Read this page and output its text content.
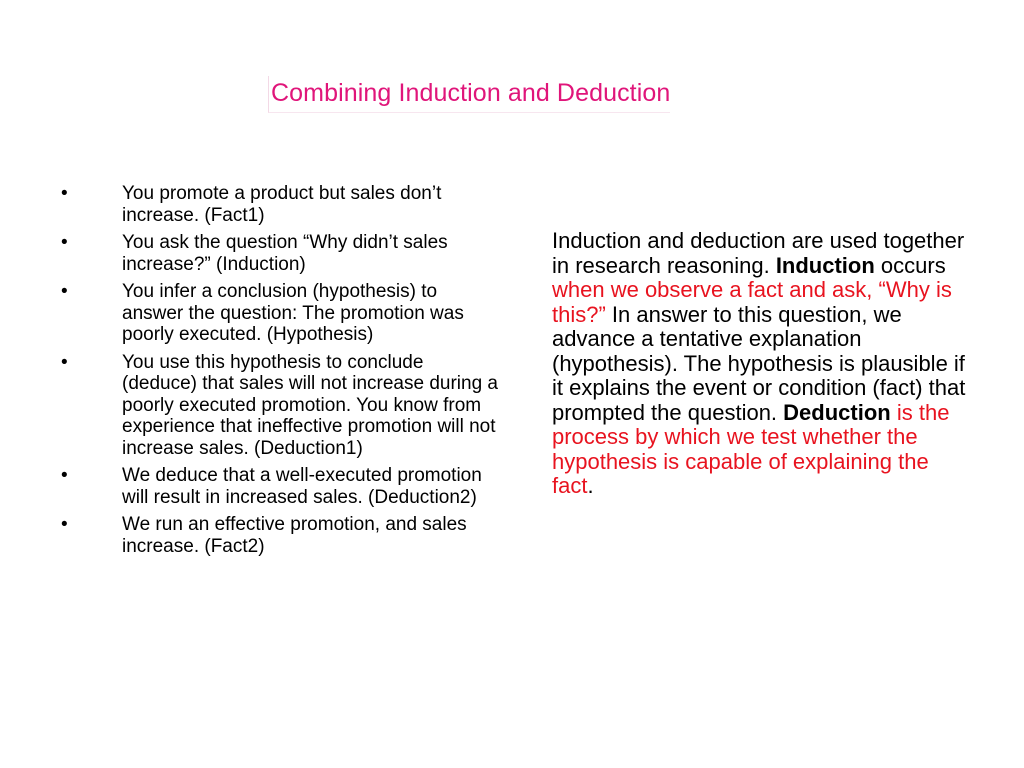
Combining Induction and Deduction
•	You promote a product but sales don’t increase. (Fact1)
•	You ask the question “Why didn’t sales increase?” (Induction)
•	You infer a conclusion (hypothesis) to answer the question: The promotion was poorly executed. (Hypothesis)
•	You use this hypothesis to conclude (deduce) that sales will not increase during a poorly executed promotion. You know from experience that ineffective promotion will not increase sales. (Deduction1)
•	We deduce that a well-executed promotion will result in increased sales. (Deduction2)
•	We run an effective promotion, and sales increase. (Fact2)
Induction and deduction are used together in research reasoning. Induction occurs when we observe a fact and ask, “Why is this?” In answer to this question, we advance a tentative explanation (hypothesis). The hypothesis is plausible if it explains the event or condition (fact) that prompted the question. Deduction is the process by which we test whether the hypothesis is capable of explaining the fact.
